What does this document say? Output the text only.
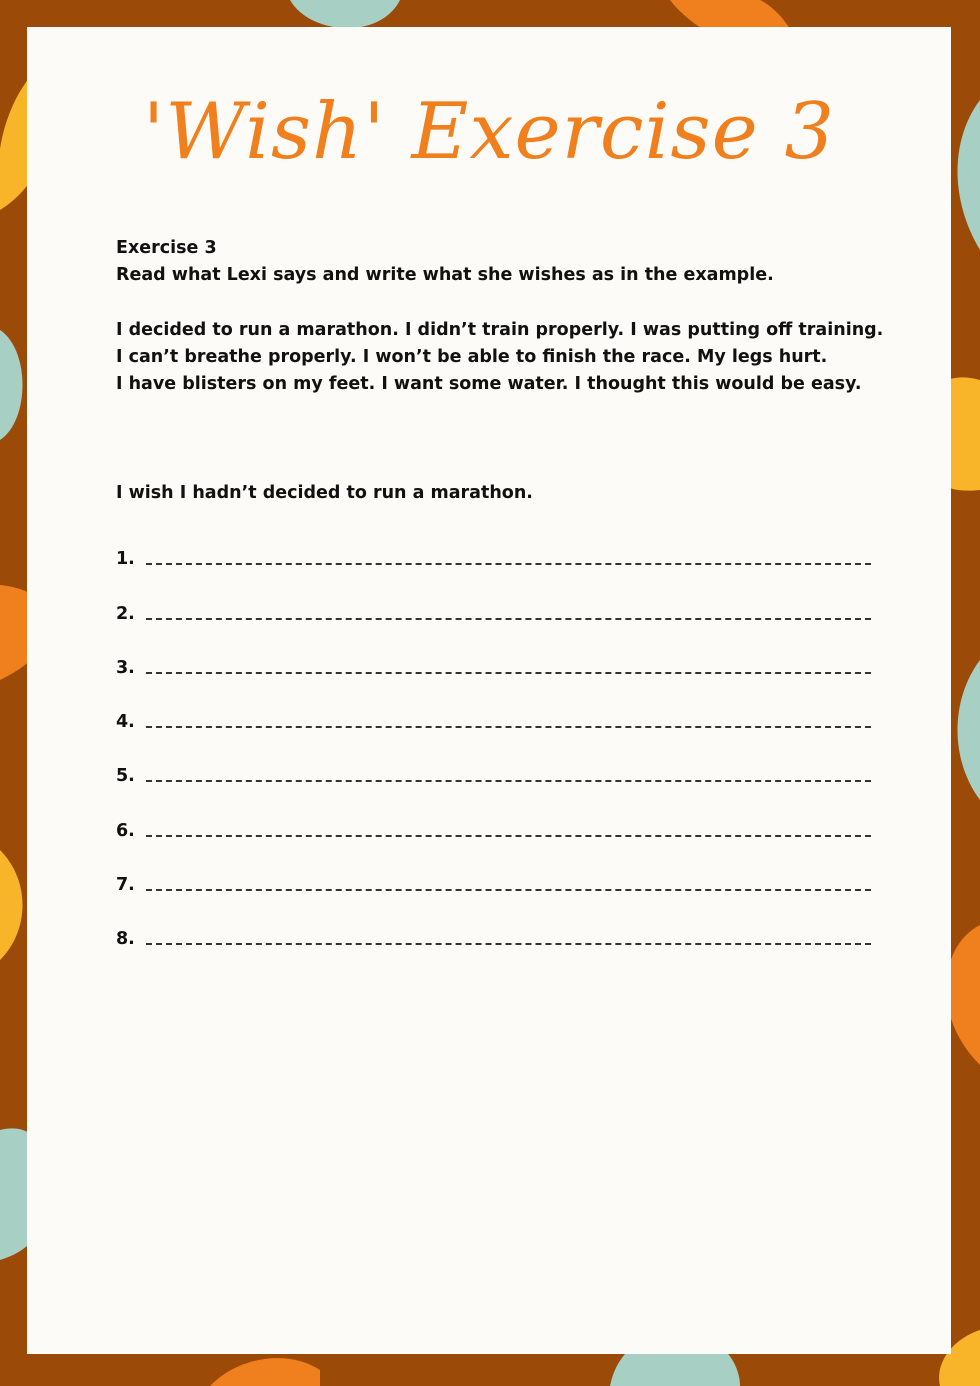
'Wish' Exercise 3
Exercise 3
Read what Lexi says and write what she wishes as in the example.
I decided to run a marathon. I didn’t train properly. I was putting off training.
I can’t breathe properly. I won’t be able to finish the race. My legs hurt.
I have blisters on my feet. I want some water. I thought this would be easy.
I wish I hadn’t decided to run a marathon.
1.
2.
3.
4.
5.
6.
7.
8.
